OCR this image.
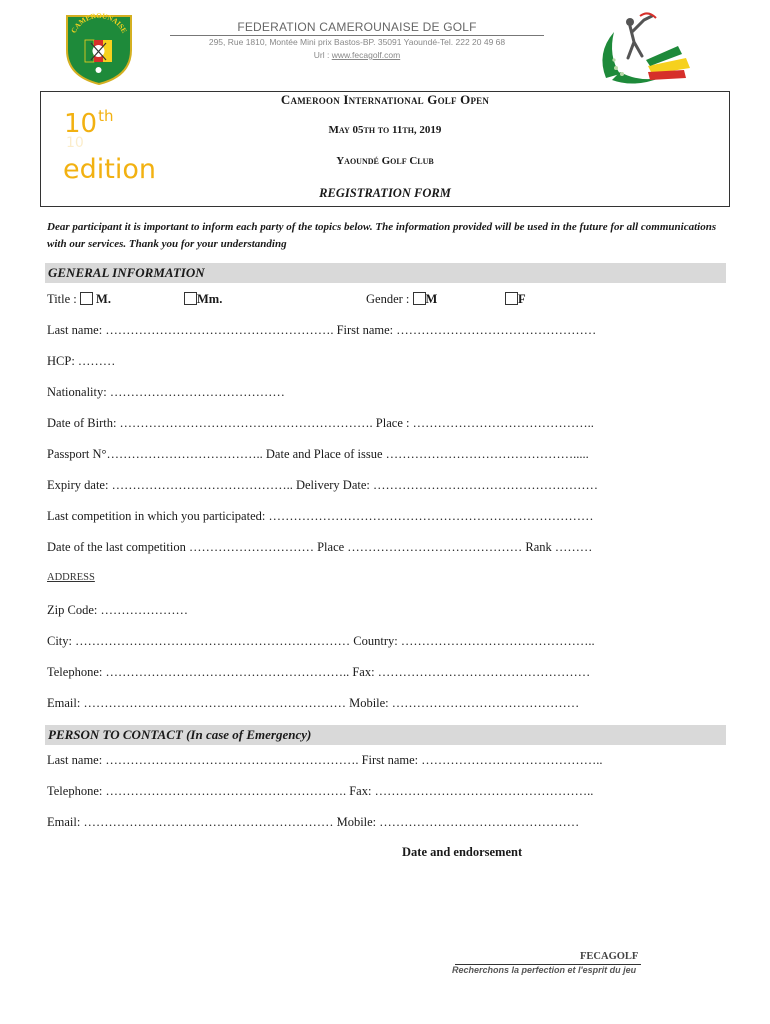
CAMEROUNAISE	FEDERATION CAMEROUNAISE DE GOLF
295, Rue 1810, Montée Mini prix Bastos-BP. 35091 Yaoundé-Tel. 222 20 49 68
Url : www.fecagolf.com
10th
10
edition
Cameroon International Golf Open
May 05th to 11th, 2019
Yaoundé Golf Club
REGISTRATION FORM
Dear participant it is important to inform each party of the topics below. The information provided will be used in the future for all communications with our services. Thank you for your understanding
GENERAL INFORMATION
Title : M.	Mm.	Gender : M	F
Last name: ………………………………………………. First name: …………………………………………
HCP: ………
Nationality: ……………………………………
Date of Birth: ……………………………………………………. Place : ……………………………………..
Passport N°……………………………….. Date and Place of issue ……………………………………….....
Expiry date: …………………………………….. Delivery Date: ………………………………………………
Last competition in which you participated: ……………………………………………………………………
Date of the last competition ………………………… Place …………………………………… Rank ………
ADDRESS
Zip Code: …………………
City: ………………………………………………………… Country: ………………………………………..
Telephone: ………………………………………………….. Fax: ……………………………………………
Email: ……………………………………………………… Mobile: ………………………………………
PERSON TO CONTACT (In case of Emergency)
Last name: ……………………………………………………. First name: ……………………………………..
Telephone: …………………………………………………. Fax: ……………………………………………..
Email: …………………………………………………… Mobile: …………………………………………
Date and endorsement
FECAGOLF
Recherchons la perfection et l'esprit du jeu
